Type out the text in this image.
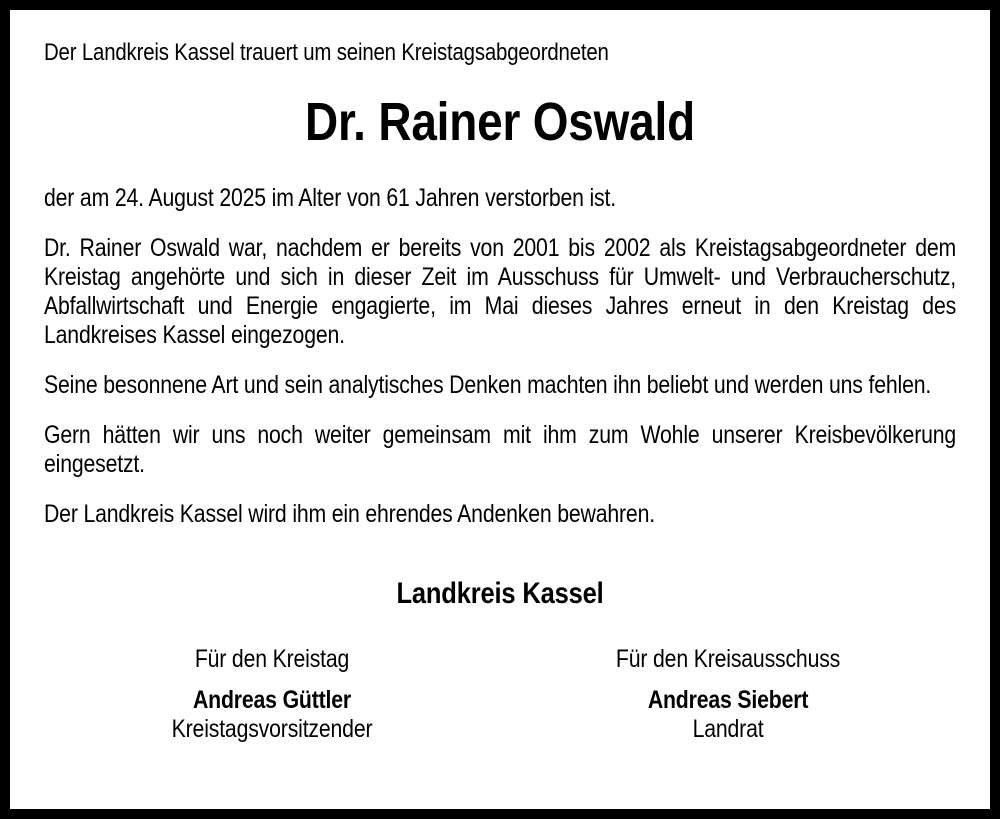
Der Landkreis Kassel trauert um seinen Kreistagsabgeordneten

Dr. Rainer Oswald

der am 24. August 2025 im Alter von 61 Jahren verstorben ist.

Dr. Rainer Oswald war, nachdem er bereits von 2001 bis 2002 als Kreistagsabgeordneter dem Kreistag angehörte und sich in dieser Zeit im Ausschuss für Umwelt- und Verbraucherschutz, Abfallwirtschaft und Energie engagierte, im Mai dieses Jahres erneut in den Kreistag des Landkreises Kassel eingezogen.

Seine besonnene Art und sein analytisches Denken machten ihn beliebt und werden uns fehlen.

Gern hätten wir uns noch weiter gemeinsam mit ihm zum Wohle unserer Kreisbevölkerung eingesetzt.

Der Landkreis Kassel wird ihm ein ehrendes Andenken bewahren.

Landkreis Kassel
Für den Kreistag
Andreas Güttler
Kreistagsvorsitzender
Für den Kreisausschuss
Andreas Siebert
Landrat
